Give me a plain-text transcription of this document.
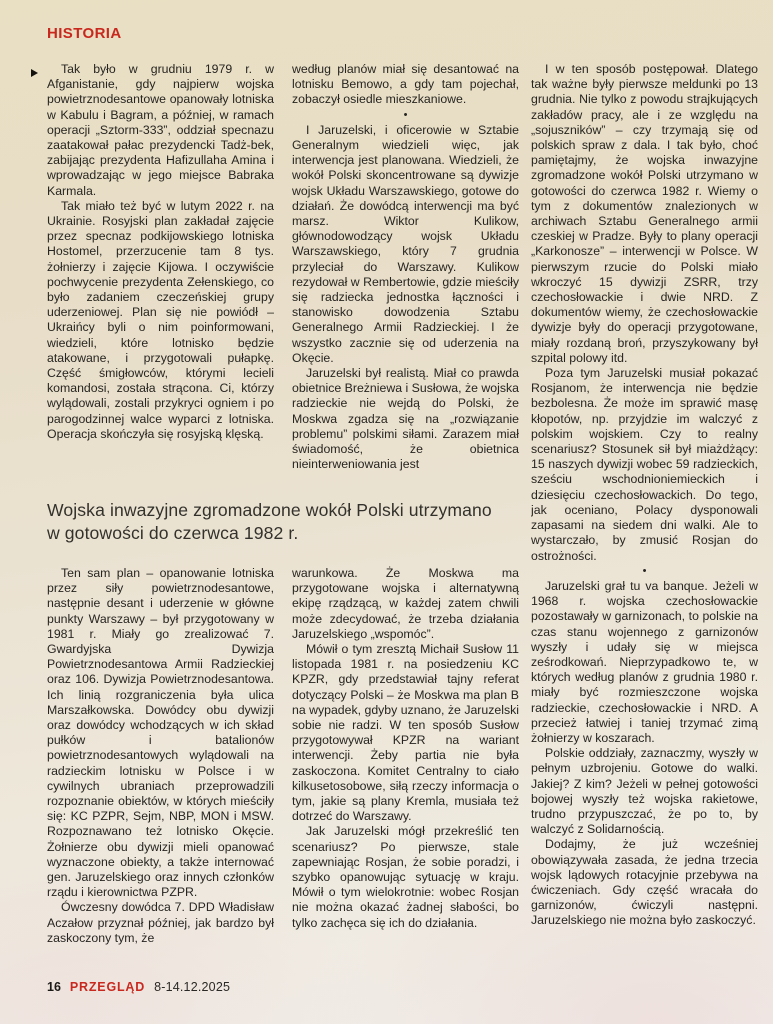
HISTORIA

Tak było w grudniu 1979 r. w Afganistanie, gdy najpierw wojska powietrznodesantowe opanowały lotniska w Kabulu i Bagram, a później, w ramach operacji „Sztorm-333”, oddział specnazu zaatakował pałac prezydencki Tadż-bek, zabijając prezydenta Hafizullaha Amina i wprowadzając w jego miejsce Babraka Karmala.

Tak miało też być w lutym 2022 r. na Ukrainie. Rosyjski plan zakładał zajęcie przez specnaz podkijowskiego lotniska Hostomel, przerzucenie tam 8 tys. żołnierzy i zajęcie Kijowa. I oczywiście pochwycenie prezydenta Zełenskiego, co było zadaniem czeczeńskiej grupy uderzeniowej. Plan się nie powiódł – Ukraińcy byli o nim poinformowani, wiedzieli, które lotnisko będzie atakowane, i przygotowali pułapkę. Część śmigłowców, którymi lecieli komandosi, została strącona. Ci, którzy wylądowali, zostali przykryci ogniem i po parogodzinnej walce wyparci z lotniska. Operacja skończyła się rosyjską klęską.

według planów miał się desantować na lotnisku Bemowo, a gdy tam pojechał, zobaczył osiedle mieszkaniowe.

•

I Jaruzelski, i oficerowie w Sztabie Generalnym wiedzieli więc, jak interwencja jest planowana. Wiedzieli, że wokół Polski skoncentrowane są dywizje wojsk Układu Warszawskiego, gotowe do działań. Że dowódcą interwencji ma być marsz. Wiktor Kulikow, głównodowodzący wojsk Układu Warszawskiego, który 7 grudnia przyleciał do Warszawy. Kulikow rezydował w Rembertowie, gdzie mieściły się radziecka jednostka łączności i stanowisko dowodzenia Sztabu Generalnego Armii Radzieckiej. I że wszystko zacznie się od uderzenia na Okęcie.

Jaruzelski był realistą. Miał co prawda obietnice Breżniewa i Susłowa, że wojska radzieckie nie wejdą do Polski, że Moskwa zgadza się na „rozwiązanie problemu” polskimi siłami. Zarazem miał świadomość, że obietnica nieinterweniowania jest

I w ten sposób postępował. Dlatego tak ważne były pierwsze meldunki po 13 grudnia. Nie tylko z powodu strajkujących zakładów pracy, ale i ze względu na „sojuszników” – czy trzymają się od polskich spraw z dala. I tak było, choć pamiętajmy, że wojska inwazyjne zgromadzone wokół Polski utrzymano w gotowości do czerwca 1982 r. Wiemy o tym z dokumentów znalezionych w archiwach Sztabu Generalnego armii czeskiej w Pradze. Były to plany operacji „Karkonosze” – interwencji w Polsce. W pierwszym rzucie do Polski miało wkroczyć 15 dywizji ZSRR, trzy czechosłowackie i dwie NRD. Z dokumentów wiemy, że czechosłowackie dywizje były do operacji przygotowane, miały rozdaną broń, przyszykowany był szpital polowy itd.

Poza tym Jaruzelski musiał pokazać Rosjanom, że interwencja nie będzie bezbolesna. Że może im sprawić masę kłopotów, np. przyjdzie im walczyć z polskim wojskiem. Czy to realny scenariusz? Stosunek sił był miażdżący: 15 naszych dywizji wobec 59 radzieckich, sześciu wschodnioniemieckich i dziesięciu czechosłowackich. Do tego, jak oceniano, Polacy dysponowali zapasami na siedem dni walki. Ale to wystarczało, by zmusić Rosjan do ostrożności.

•

Jaruzelski grał tu va banque. Jeżeli w 1968 r. wojska czechosłowackie pozostawały w garnizonach, to polskie na czas stanu wojennego z garnizonów wyszły i udały się w miejsca ześrodkowań. Nieprzypadkowo te, w których według planów z grudnia 1980 r. miały być rozmieszczone wojska radzieckie, czechosłowackie i NRD. A przecież łatwiej i taniej trzymać zimą żołnierzy w koszarach.

Polskie oddziały, zaznaczmy, wyszły w pełnym uzbrojeniu. Gotowe do walki. Jakiej? Z kim? Jeżeli w pełnej gotowości bojowej wyszły też wojska rakietowe, trudno przypuszczać, że po to, by walczyć z Solidarnością.

Dodajmy, że już wcześniej obowiązywała zasada, że jedna trzecia wojsk lądowych rotacyjnie przebywa na ćwiczeniach. Gdy część wracała do garnizonów, ćwiczyli następni. Jaruzelskiego nie można było zaskoczyć.

Wojska inwazyjne zgromadzone wokół Polski utrzymano w gotowości do czerwca 1982 r.

Ten sam plan – opanowanie lotniska przez siły powietrznodesantowe, następnie desant i uderzenie w główne punkty Warszawy – był przygotowany w 1981 r. Miały go zrealizować 7. Gwardyjska Dywizja Powietrznodesantowa Armii Radzieckiej oraz 106. Dywizja Powietrznodesantowa. Ich linią rozgraniczenia była ulica Marszałkowska. Dowódcy obu dywizji oraz dowódcy wchodzących w ich skład pułków i batalionów powietrznodesantowych wylądowali na radzieckim lotnisku w Polsce i w cywilnych ubraniach przeprowadzili rozpoznanie obiektów, w których mieściły się: KC PZPR, Sejm, NBP, MON i MSW. Rozpoznawano też lotnisko Okęcie. Żołnierze obu dywizji mieli opanować wyznaczone obiekty, a także internować gen. Jaruzelskiego oraz innych członków rządu i kierownictwa PZPR.

Ówczesny dowódca 7. DPD Władisław Aczałow przyznał później, jak bardzo był zaskoczony tym, że

warunkowa. Że Moskwa ma przygotowane wojska i alternatywną ekipę rządzącą, w każdej zatem chwili może zdecydować, że trzeba działania Jaruzelskiego „wspomóc”.

Mówił o tym zresztą Michaił Susłow 11 listopada 1981 r. na posiedzeniu KC KPZR, gdy przedstawiał tajny referat dotyczący Polski – że Moskwa ma plan B na wypadek, gdyby uznano, że Jaruzelski sobie nie radzi. W ten sposób Susłow przygotowywał KPZR na wariant interwencji. Żeby partia nie była zaskoczona. Komitet Centralny to ciało kilkusetosobowe, siłą rzeczy informacja o tym, jakie są plany Kremla, musiała też dotrzeć do Warszawy.

Jak Jaruzelski mógł przekreślić ten scenariusz? Po pierwsze, stale zapewniając Rosjan, że sobie poradzi, i szybko opanowując sytuację w kraju. Mówił o tym wielokrotnie: wobec Rosjan nie można okazać żadnej słabości, bo tylko zachęca się ich do działania.

16 PRZEGLĄD 8-14.12.2025
